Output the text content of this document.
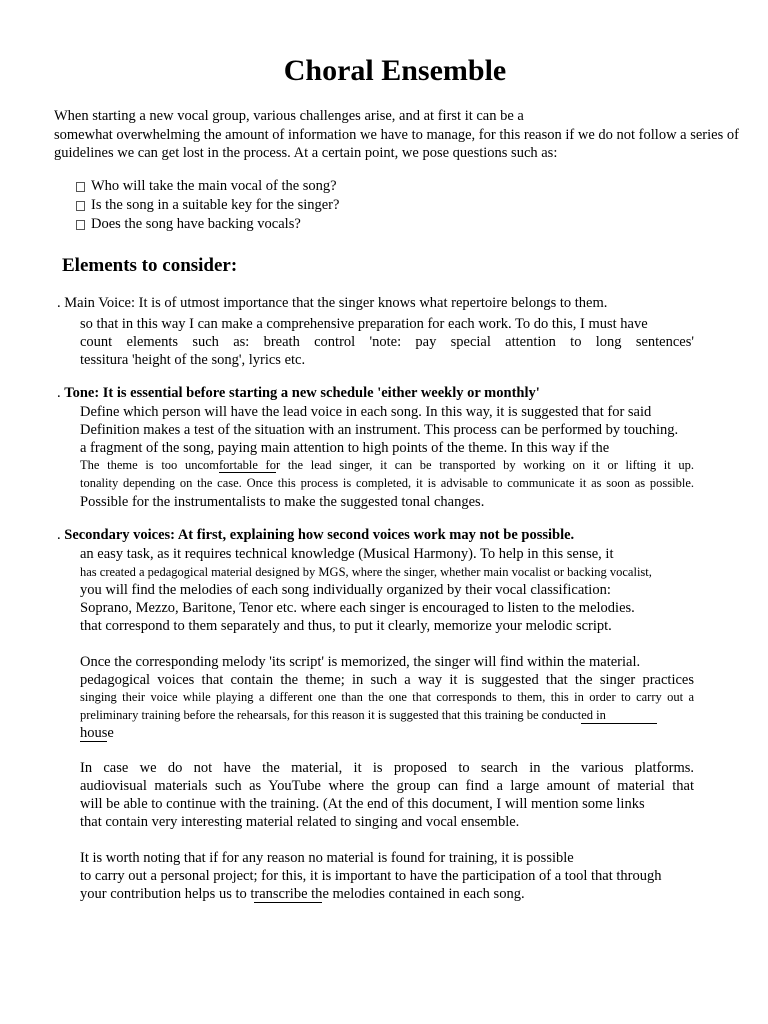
Choral Ensemble
When starting a new vocal group, various challenges arise, and at first it can be a
somewhat overwhelming the amount of information we have to manage, for this reason if we do not follow a series of
guidelines we can get lost in the process. At a certain point, we pose questions such as:
Who will take the main vocal of the song?
Is the song in a suitable key for the singer?
Does the song have backing vocals?
Elements to consider:
. Main Voice: It is of utmost importance that the singer knows what repertoire belongs to them.
so that in this way I can make a comprehensive preparation for each work. To do this, I must have
count elements such as: breath control 'note: pay special attention to long sentences'
tessitura 'height of the song', lyrics etc.
. Tone: It is essential before starting a new schedule 'either weekly or monthly'
Define which person will have the lead voice in each song. In this way, it is suggested that for said
Definition makes a test of the situation with an instrument. This process can be performed by touching.
a fragment of the song, paying main attention to high points of the theme. In this way if the
The theme is too uncomfortable for the lead singer, it can be transported by working on it or lifting it up.
tonality depending on the case. Once this process is completed, it is advisable to communicate it as soon as possible.
Possible for the instrumentalists to make the suggested tonal changes.
. Secondary voices: At first, explaining how second voices work may not be possible.
an easy task, as it requires technical knowledge (Musical Harmony). To help in this sense, it
has created a pedagogical material designed by MGS, where the singer, whether main vocalist or backing vocalist,
you will find the melodies of each song individually organized by their vocal classification:
Soprano, Mezzo, Baritone, Tenor etc. where each singer is encouraged to listen to the melodies.
that correspond to them separately and thus, to put it clearly, memorize your melodic script.
Once the corresponding melody 'its script' is memorized, the singer will find within the material.
pedagogical voices that contain the theme; in such a way it is suggested that the singer practices
singing their voice while playing a different one than the one that corresponds to them, this in order to carry out a
preliminary training before the rehearsals, for this reason it is suggested that this training be conducted in
house
In case we do not have the material, it is proposed to search in the various platforms.
audiovisual materials such as YouTube where the group can find a large amount of material that
will be able to continue with the training. (At the end of this document, I will mention some links
that contain very interesting material related to singing and vocal ensemble.
It is worth noting that if for any reason no material is found for training, it is possible
to carry out a personal project; for this, it is important to have the participation of a tool that through
your contribution helps us to transcribe the melodies contained in each song.
